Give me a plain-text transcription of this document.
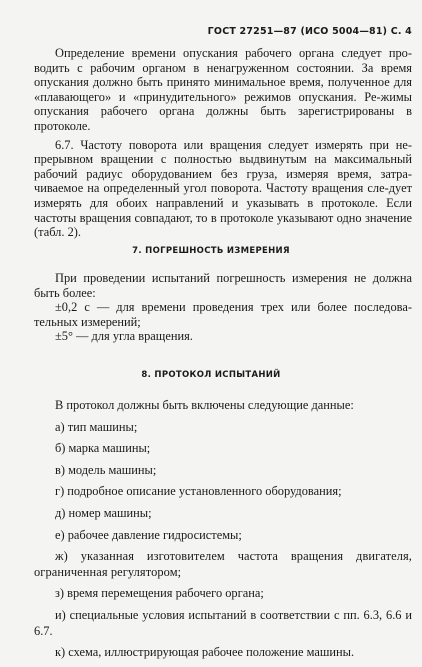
ГОСТ 27251—87 (ИСО 5004—81) С. 4

Определение времени опускания рабочего органа следует про-водить с рабочим органом в ненагруженном состоянии. За время опускания должно быть принято минимальное время, полученное для «плавающего» и «принудительного» режимов опускания. Ре-жимы опускания рабочего органа должны быть зарегистрированы в протоколе.

6.7. Частоту поворота или вращения следует измерять при не-прерывном вращении с полностью выдвинутым на максимальный рабочий радиус оборудованием без груза, измеряя время, затра-чиваемое на определенный угол поворота. Частоту вращения сле-дует измерять для обоих направлений и указывать в протоколе. Если частоты вращения совпадают, то в протоколе указывают одно значение (табл. 2).

7. ПОГРЕШНОСТЬ ИЗМЕРЕНИЯ

При проведении испытаний погрешность измерения не должна быть более:

±0,2 с — для времени проведения трех или более последова-тельных измерений;

±5° — для угла вращения.

8. ПРОТОКОЛ ИСПЫТАНИЙ
В протокол должны быть включены следующие данные:
а) тип машины;
б) марка машины;
в) модель машины;
г) подробное описание установленного оборудования;
д) номер машины;
е) рабочее давление гидросистемы;
ж) указанная изготовителем частота вращения двигателя, ограниченная регулятором;
з) время перемещения рабочего органа;
и) специальные условия испытаний в соответствии с пп. 6.3, 6.6 и 6.7.
к) схема, иллюстрирующая рабочее положение машины.
